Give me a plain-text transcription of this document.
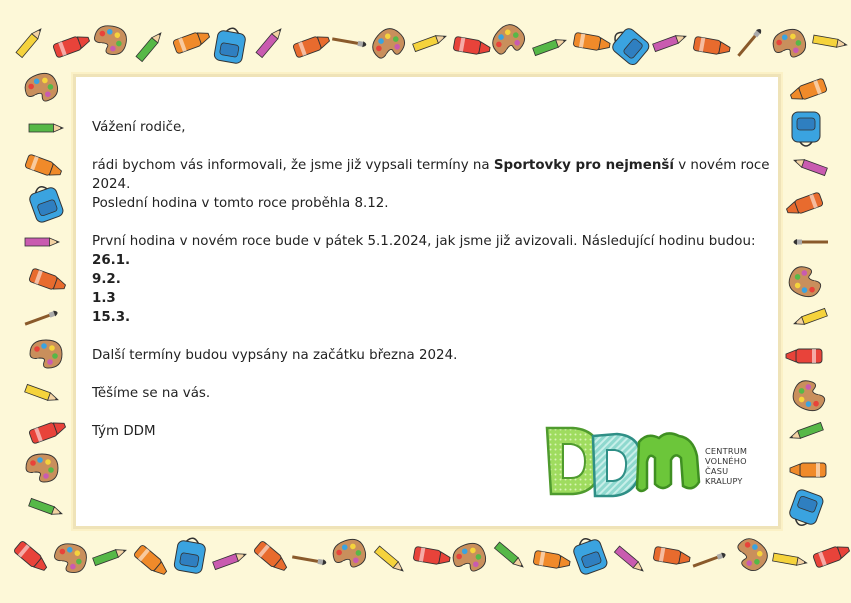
Vážení rodiče,

rádi bychom vás informovali, že jsme již vypsali termíny na Sportovky pro nejmenší v novém roce 2024.

Poslední hodina v tomto roce proběhla 8.12.

První hodina v novém roce bude v pátek 5.1.2024, jak jsme již avizovali. Následující hodinu budou:

26.1.

9.2.

1.3

15.3.

Další termíny budou vypsány na začátku března 2024.

Těšíme se na vás.

Tým DDM

CENTRUM
VOLNÉHO
ČASU
KRALUPY
